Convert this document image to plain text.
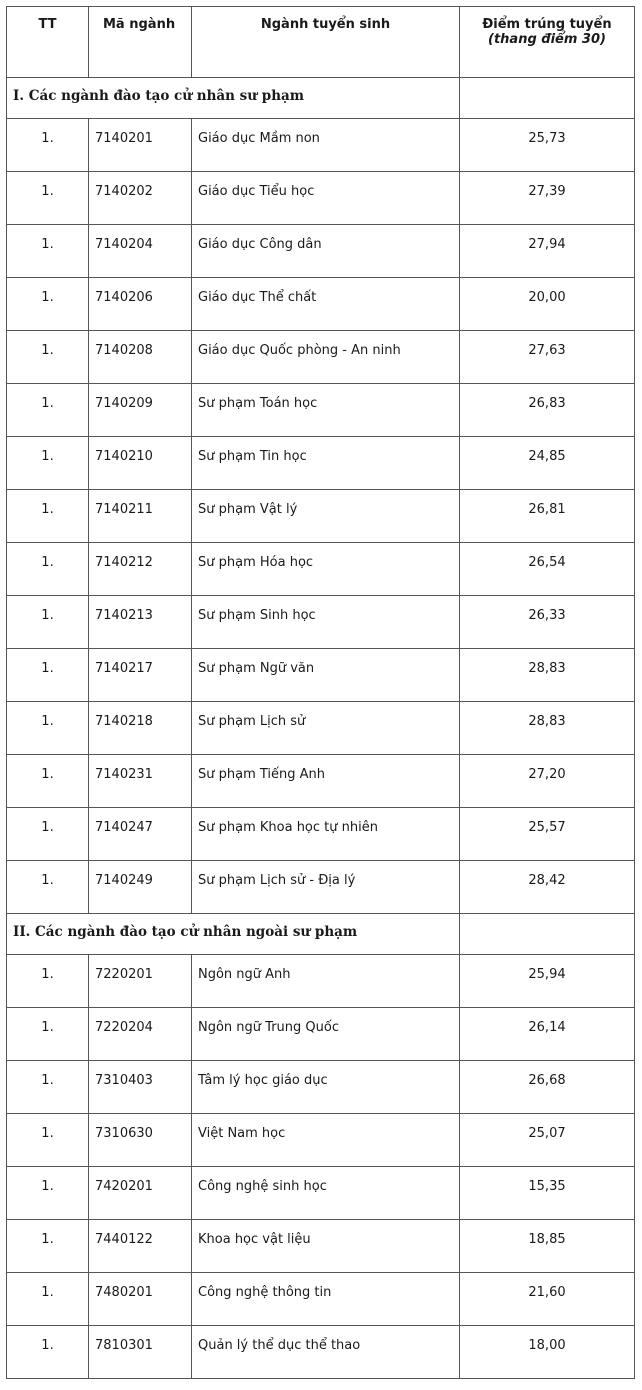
TT	Mã ngành	Ngành tuyển sinh	Điểm trúng tuyển
(thang điểm 30)

I. Các ngành đào tạo cử nhân sư phạm			
1.	7140201	Giáo dục Mầm non	25,73
1.	7140202	Giáo dục Tiểu học	27,39
1.	7140204	Giáo dục Công dân	27,94
1.	7140206	Giáo dục Thể chất	20,00
1.	7140208	Giáo dục Quốc phòng - An ninh	27,63
1.	7140209	Sư phạm Toán học	26,83
1.	7140210	Sư phạm Tin học	24,85
1.	7140211	Sư phạm Vật lý	26,81
1.	7140212	Sư phạm Hóa học	26,54
1.	7140213	Sư phạm Sinh học	26,33
1.	7140217	Sư phạm Ngữ văn	28,83
1.	7140218	Sư phạm Lịch sử	28,83
1.	7140231	Sư phạm Tiếng Anh	27,20
1.	7140247	Sư phạm Khoa học tự nhiên	25,57
1.	7140249	Sư phạm Lịch sử - Địa lý	28,42
II. Các ngành đào tạo cử nhân ngoài sư phạm			
1.	7220201	Ngôn ngữ Anh	25,94
1.	7220204	Ngôn ngữ Trung Quốc	26,14
1.	7310403	Tâm lý học giáo dục	26,68
1.	7310630	Việt Nam học	25,07
1.	7420201	Công nghệ sinh học	15,35
1.	7440122	Khoa học vật liệu	18,85
1.	7480201	Công nghệ thông tin	21,60
1.	7810301	Quản lý thể dục thể thao	18,00
